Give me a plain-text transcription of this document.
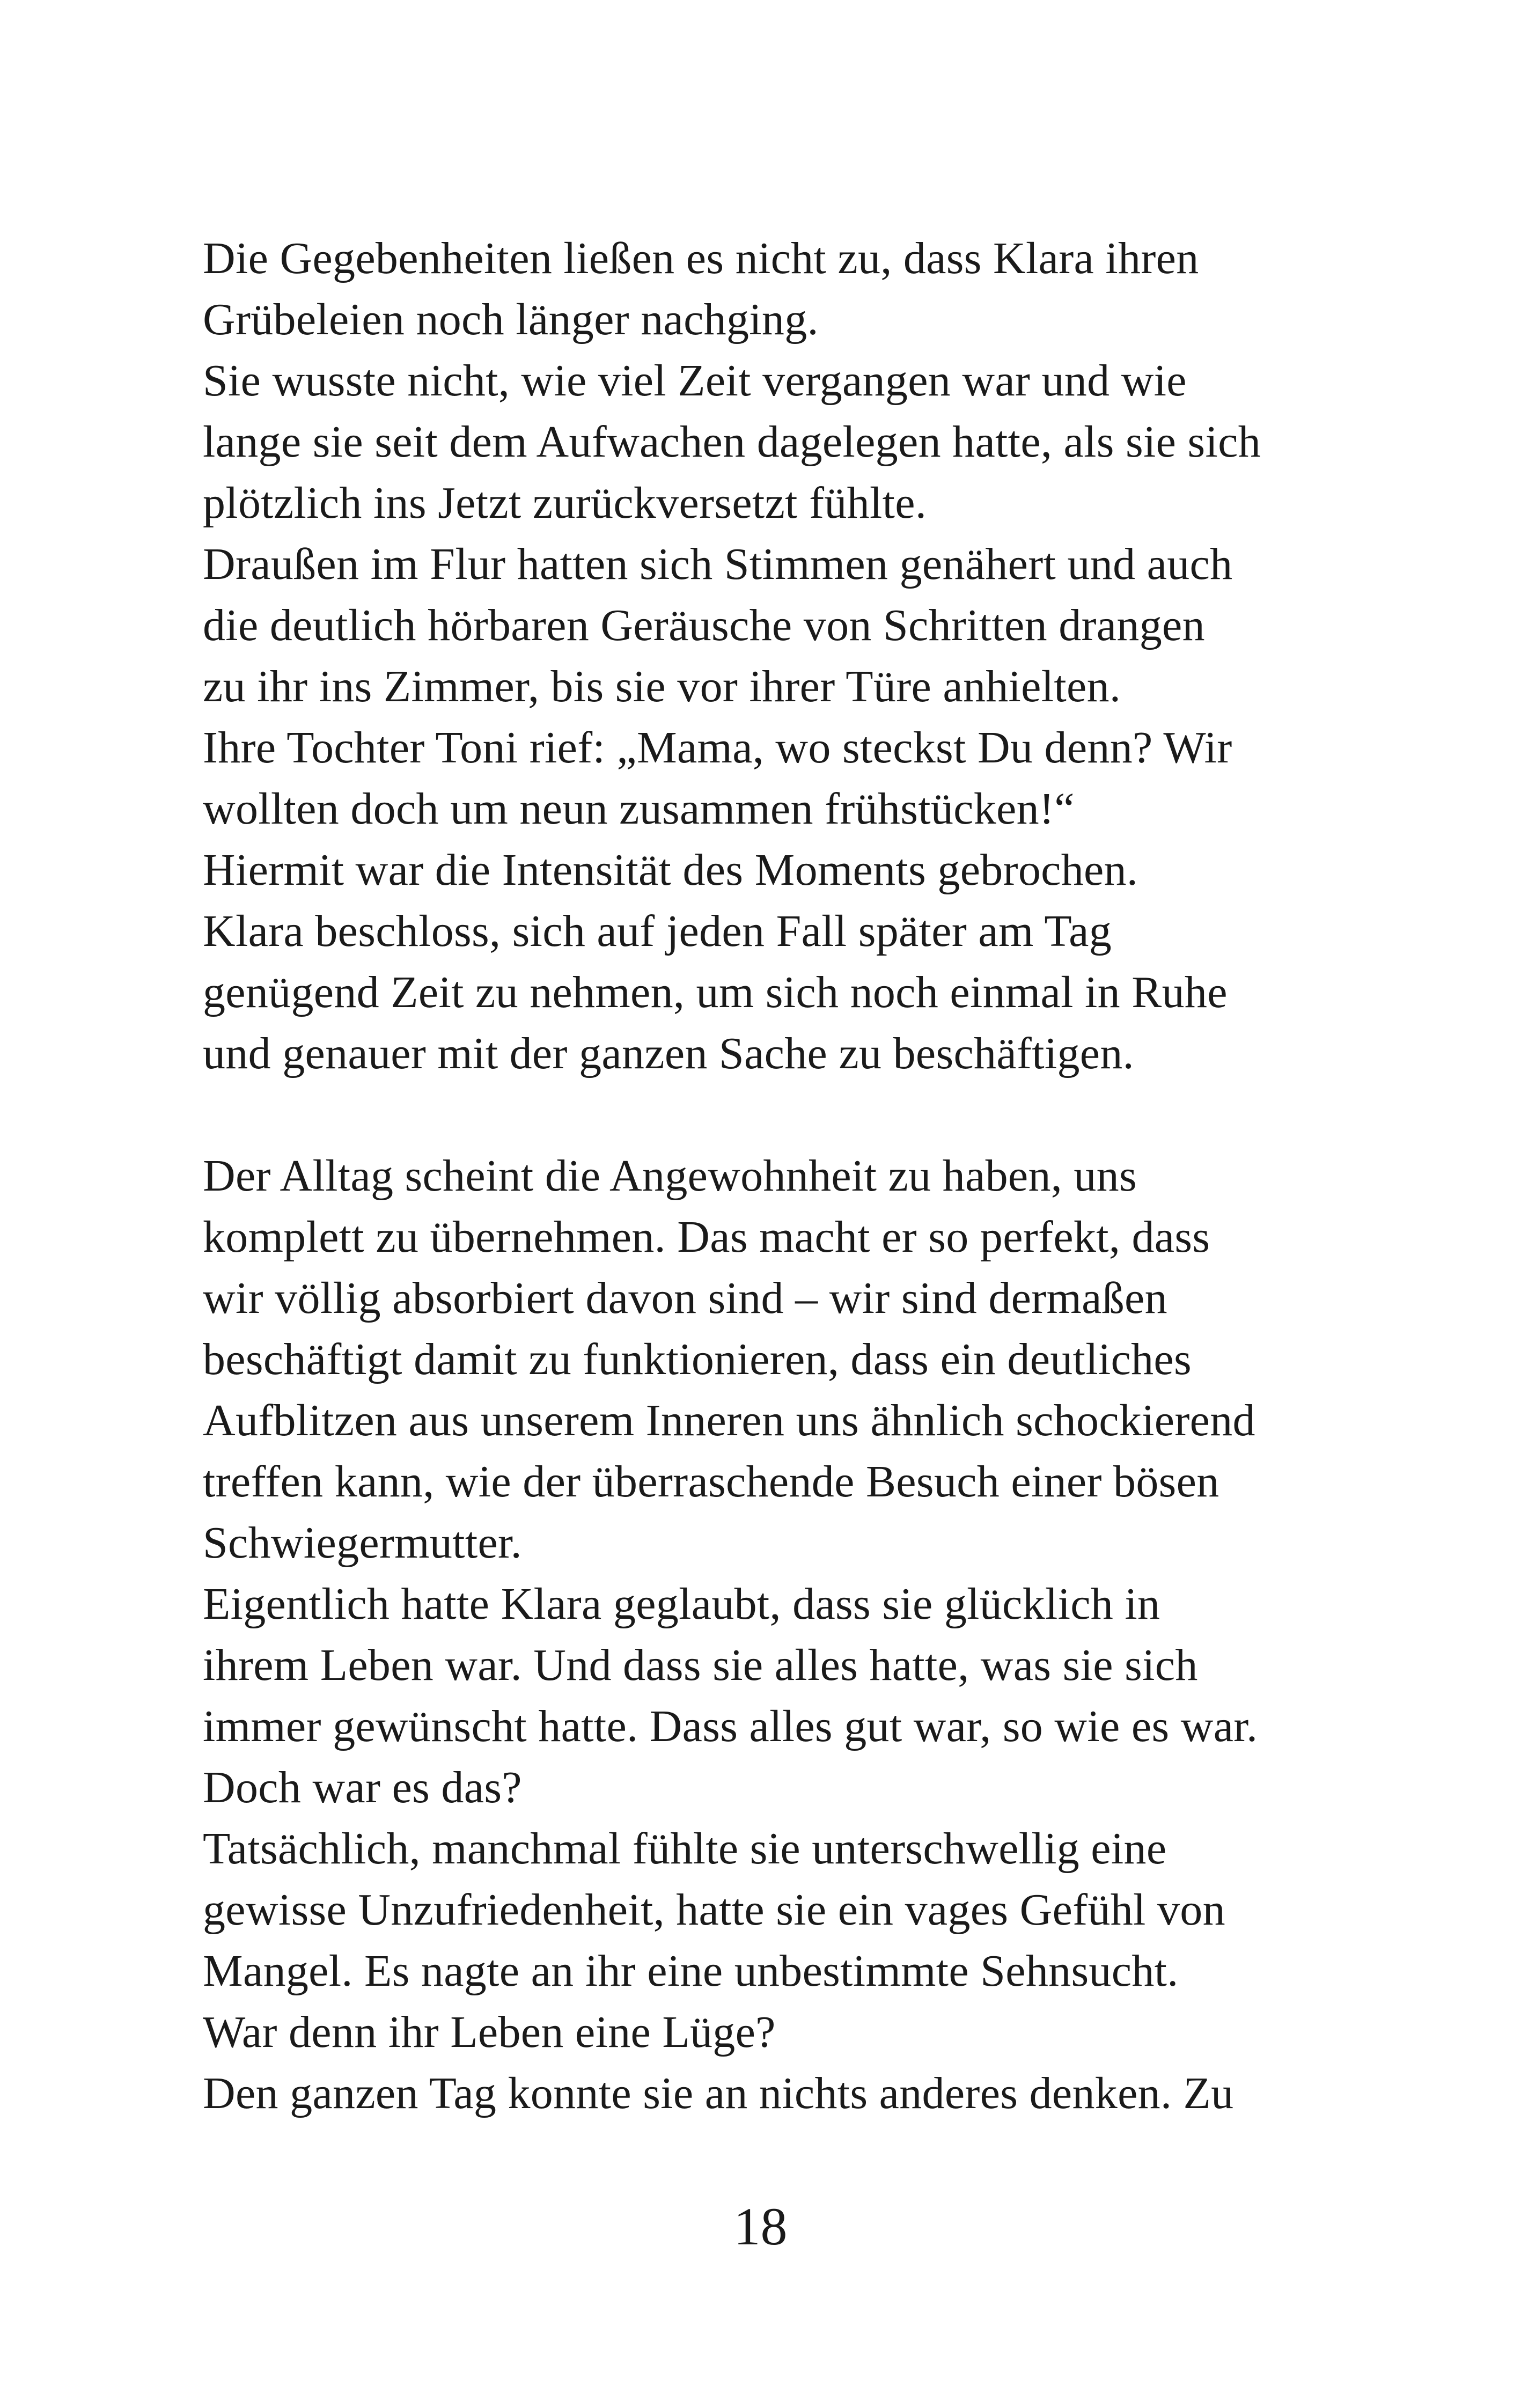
Die Gegebenheiten ließen es nicht zu, dass Klara ihren
Grübeleien noch länger nachging.
Sie wusste nicht, wie viel Zeit vergangen war und wie
lange sie seit dem Aufwachen dagelegen hatte, als sie sich
plötzlich ins Jetzt zurückversetzt fühlte.
Draußen im Flur hatten sich Stimmen genähert und auch
die deutlich hörbaren Geräusche von Schritten drangen
zu ihr ins Zimmer, bis sie vor ihrer Türe anhielten.
Ihre Tochter Toni rief: „Mama, wo steckst Du denn? Wir
wollten doch um neun zusammen frühstücken!“
Hiermit war die Intensität des Moments gebrochen.
Klara beschloss, sich auf jeden Fall später am Tag
genügend Zeit zu nehmen, um sich noch einmal in Ruhe
und genauer mit der ganzen Sache zu beschäftigen.
Der Alltag scheint die Angewohnheit zu haben, uns
komplett zu übernehmen. Das macht er so perfekt, dass
wir völlig absorbiert davon sind – wir sind dermaßen
beschäftigt damit zu funktionieren, dass ein deutliches
Aufblitzen aus unserem Inneren uns ähnlich schockierend
treffen kann, wie der überraschende Besuch einer bösen
Schwiegermutter.
Eigentlich hatte Klara geglaubt, dass sie glücklich in
ihrem Leben war. Und dass sie alles hatte, was sie sich
immer gewünscht hatte. Dass alles gut war, so wie es war.
Doch war es das?
Tatsächlich, manchmal fühlte sie unterschwellig eine
gewisse Unzufriedenheit, hatte sie ein vages Gefühl von
Mangel. Es nagte an ihr eine unbestimmte Sehnsucht.
War denn ihr Leben eine Lüge?
Den ganzen Tag konnte sie an nichts anderes denken. Zu
18
